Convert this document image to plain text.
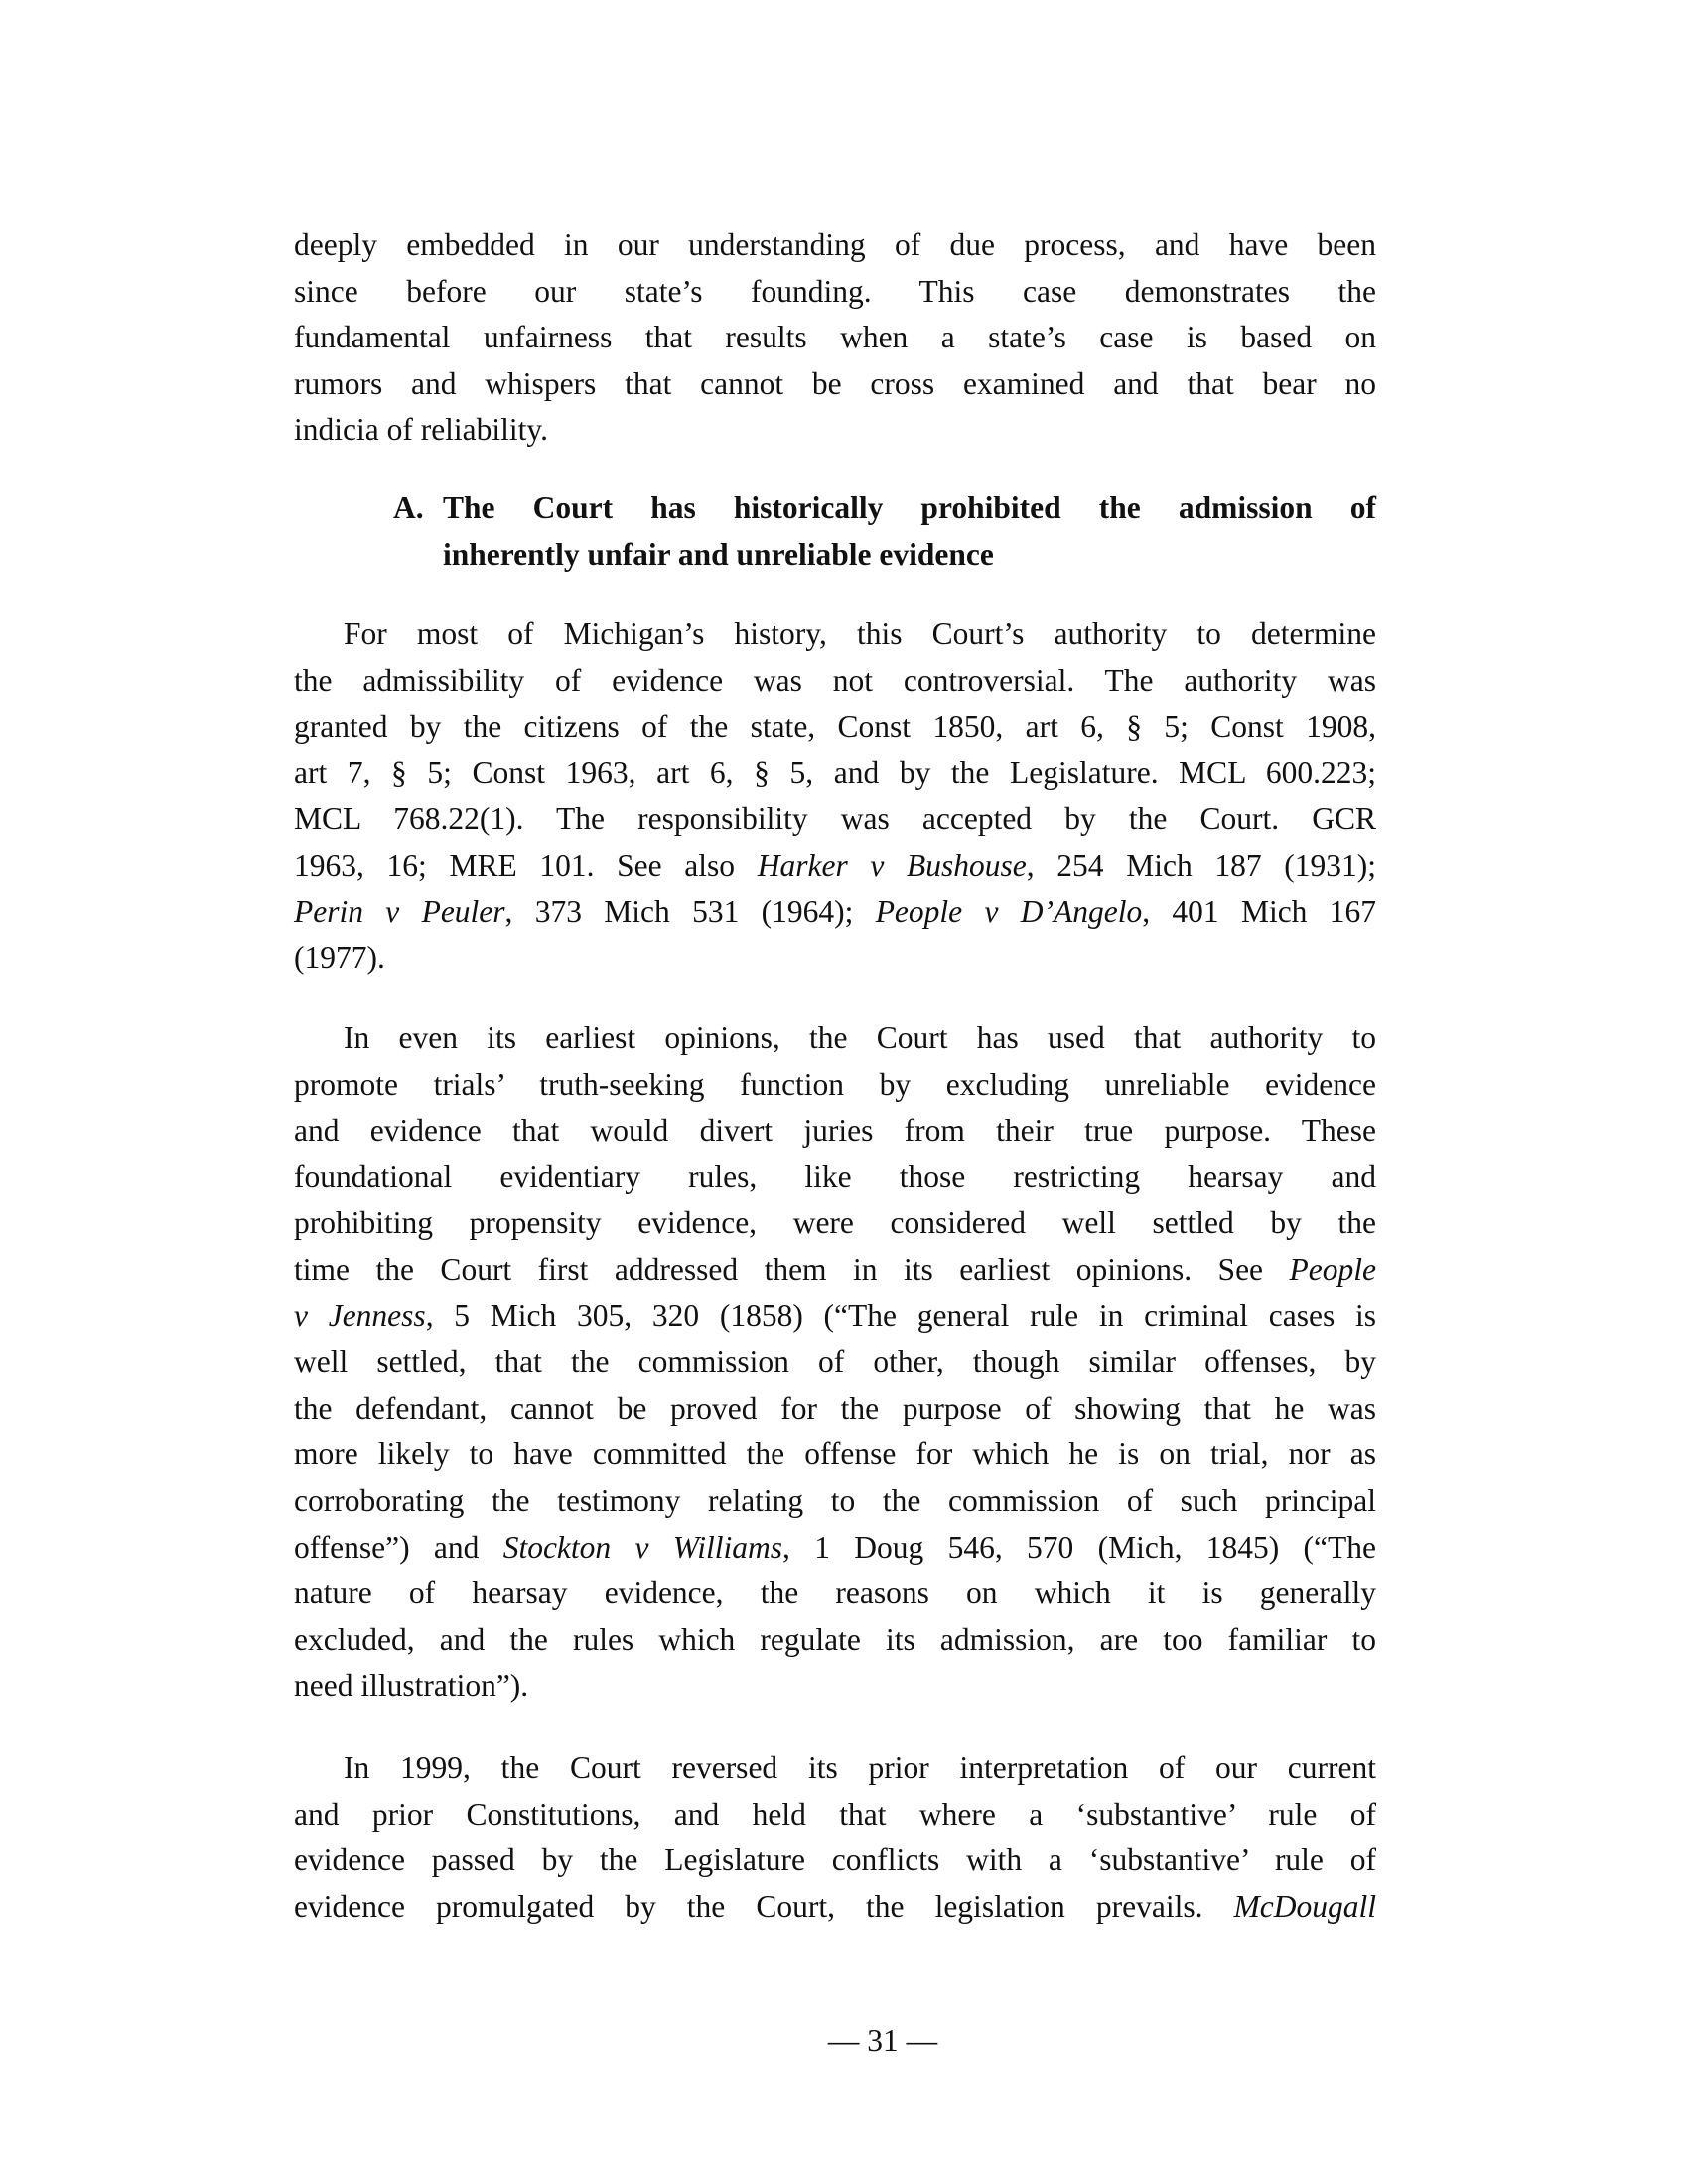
deeply embedded in our understanding of due process, and have been
since before our state’s founding. This case demonstrates the
fundamental unfairness that results when a state’s case is based on
rumors and whispers that cannot be cross examined and that bear no
indicia of reliability.
A. The Court has historically prohibited the admission of
inherently unfair and unreliable evidence
For most of Michigan’s history, this Court’s authority to determine
the admissibility of evidence was not controversial. The authority was
granted by the citizens of the state, Const 1850, art 6, § 5; Const 1908,
art 7, § 5; Const 1963, art 6, § 5, and by the Legislature. MCL 600.223;
MCL 768.22(1). The responsibility was accepted by the Court. GCR
1963, 16; MRE 101. See also Harker v Bushouse, 254 Mich 187 (1931);
Perin v Peuler, 373 Mich 531 (1964); People v D’Angelo, 401 Mich 167
(1977).
In even its earliest opinions, the Court has used that authority to
promote trials’ truth-seeking function by excluding unreliable evidence
and evidence that would divert juries from their true purpose. These
foundational evidentiary rules, like those restricting hearsay and
prohibiting propensity evidence, were considered well settled by the
time the Court first addressed them in its earliest opinions. See People
v Jenness, 5 Mich 305, 320 (1858) (“The general rule in criminal cases is
well settled, that the commission of other, though similar offenses, by
the defendant, cannot be proved for the purpose of showing that he was
more likely to have committed the offense for which he is on trial, nor as
corroborating the testimony relating to the commission of such principal
offense”) and Stockton v Williams, 1 Doug 546, 570 (Mich, 1845) (“The
nature of hearsay evidence, the reasons on which it is generally
excluded, and the rules which regulate its admission, are too familiar to
need illustration”).
In 1999, the Court reversed its prior interpretation of our current
and prior Constitutions, and held that where a ‘substantive’ rule of
evidence passed by the Legislature conflicts with a ‘substantive’ rule of
evidence promulgated by the Court, the legislation prevails. McDougall
— 31 —
